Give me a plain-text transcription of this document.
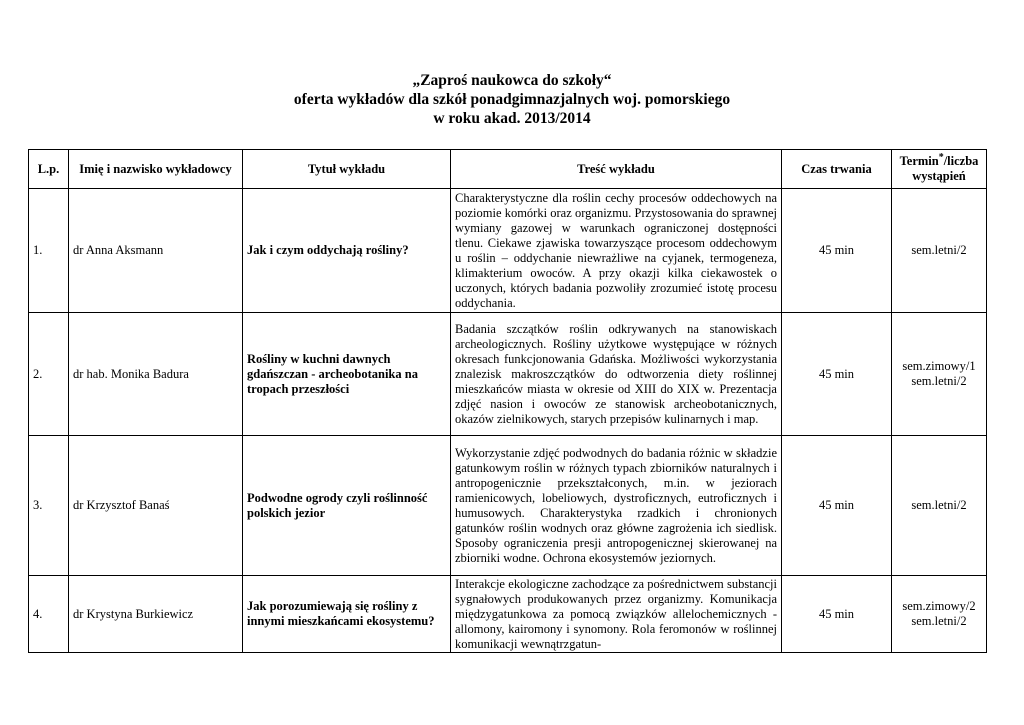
„Zaproś naukowca do szkoły“
oferta wykładów dla szkół ponadgimnazjalnych woj. pomorskiego
w roku akad. 2013/2014
L.p.	Imię i nazwisko wykładowcy	Tytuł wykładu	Treść wykładu	Czas trwania	Termin*/liczba wystąpień
1.	dr Anna Aksmann	Jak i czym oddychają rośliny?	Charakterystyczne dla roślin cechy procesów oddechowych na poziomie komórki oraz organizmu. Przystosowania do sprawnej wymiany gazowej w warunkach ograniczonej dostępności tlenu. Ciekawe zjawiska towarzyszące procesom oddechowym u roślin – oddychanie niewrażliwe na cyjanek, termogeneza, klimakterium owoców. A przy okazji kilka ciekawostek o uczonych, których badania pozwoliły zrozumieć istotę procesu oddychania.	45 min	sem.letni/2

2.	dr hab. Monika Badura	Rośliny w kuchni dawnych gdańszczan - archeobotanika na tropach przeszłości	Badania szczątków roślin odkrywanych na stanowiskach archeologicznych. Rośliny użytkowe występujące w różnych okresach funkcjonowania Gdańska. Możliwości wykorzystania znalezisk makroszczątków do odtworzenia diety roślinnej mieszkańców miasta w okresie od XIII do XIX w. Prezentacja zdjęć nasion i owoców ze stanowisk archeobotanicznych, okazów zielnikowych, starych przepisów kulinarnych i map.	45 min	sem.zimowy/1
sem.letni/2

3.	dr Krzysztof Banaś	Podwodne ogrody czyli roślinność polskich jezior	Wykorzystanie zdjęć podwodnych do badania różnic w składzie gatunkowym roślin w różnych typach zbiorników naturalnych i antropogenicznie przekształconych, m.in. w jeziorach ramienicowych, lobeliowych, dystroficznych, eutroficznych i humusowych. Charakterystyka rzadkich i chronionych gatunków roślin wodnych oraz główne zagrożenia ich siedlisk. Sposoby ograniczenia presji antropogenicznej skierowanej na zbiorniki wodne. Ochrona ekosystemów jeziornych.	45 min	sem.letni/2

4.	dr Krystyna Burkiewicz	Jak porozumiewają się rośliny z innymi mieszkańcami ekosystemu?	Interakcje ekologiczne zachodzące za pośrednictwem substancji sygnałowych produkowanych przez organizmy. Komunikacja międzygatunkowa za pomocą związków allelochemicznych - allomony, kairomony i synomony. Rola feromonów w roślinnej komunikacji wewnątrzgatun-	45 min	sem.zimowy/2
sem.letni/2
